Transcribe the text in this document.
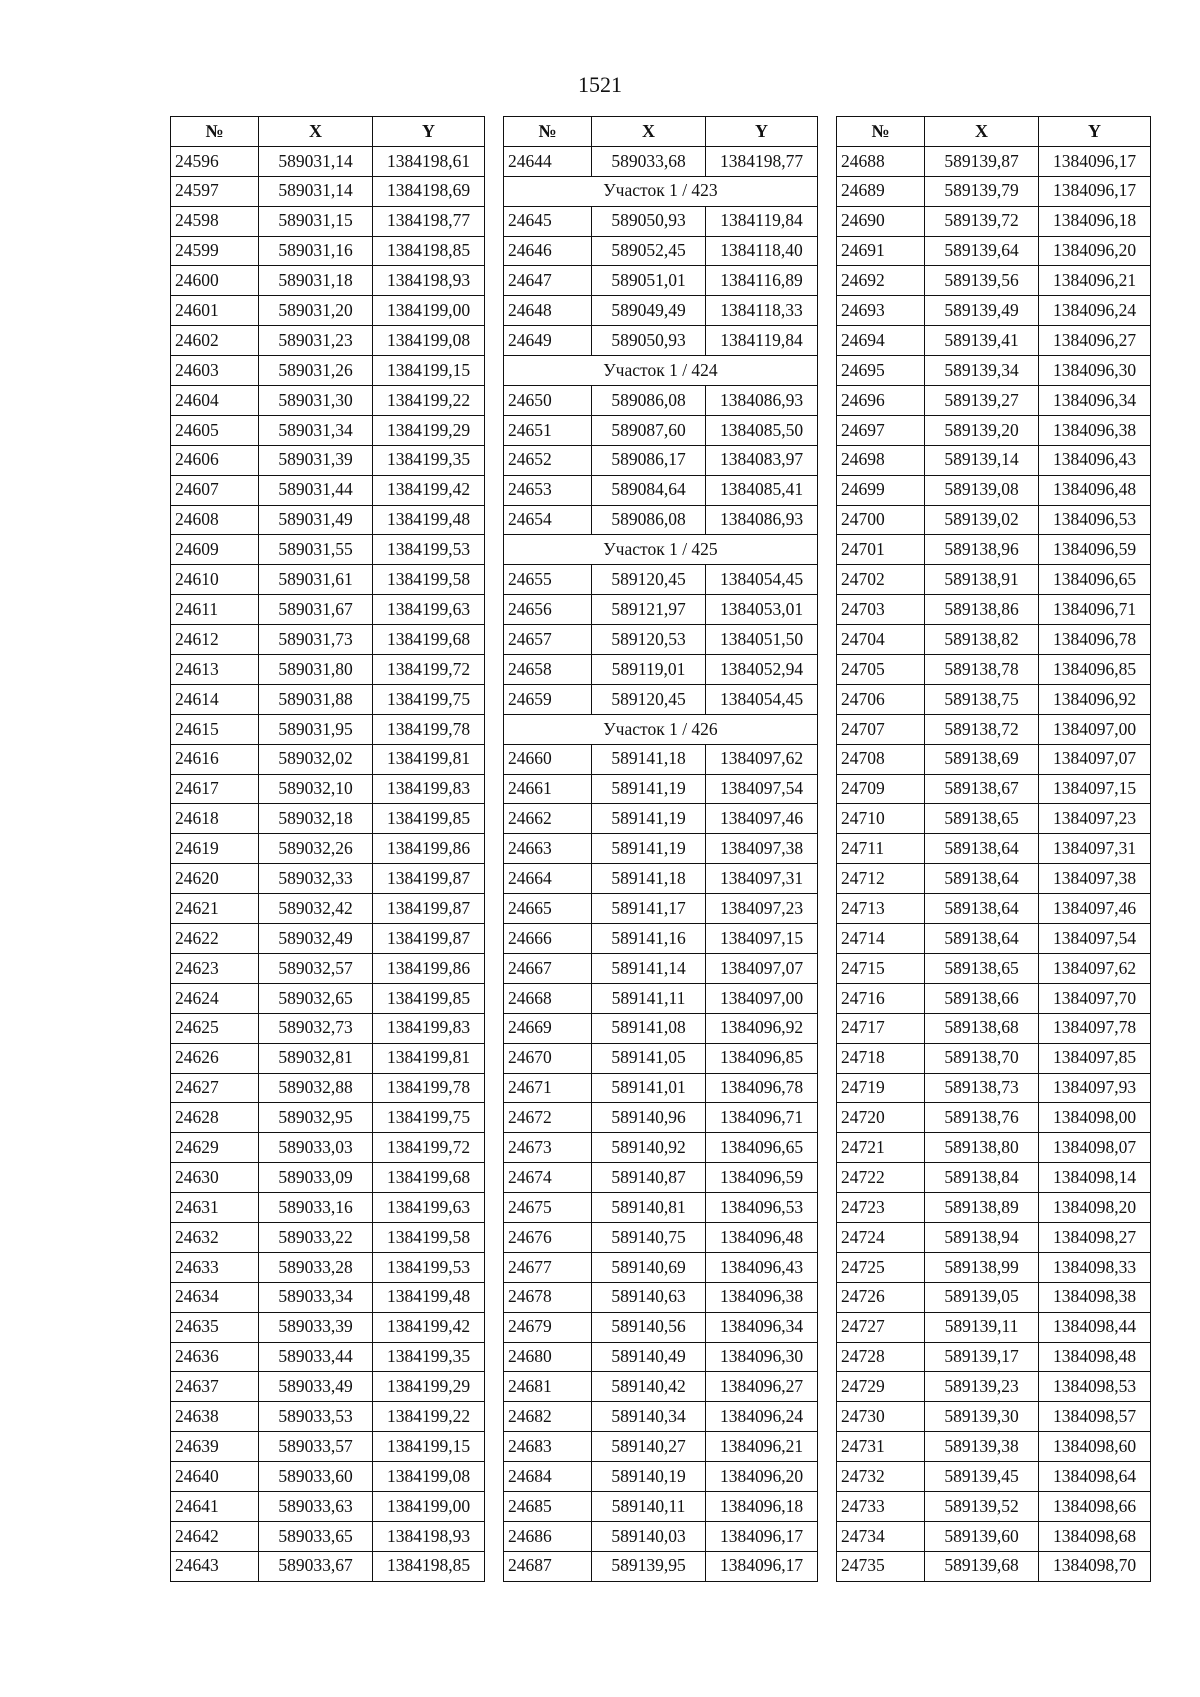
1521
№	X	Y
24596	589031,14	1384198,61
24597	589031,14	1384198,69
24598	589031,15	1384198,77
24599	589031,16	1384198,85
24600	589031,18	1384198,93
24601	589031,20	1384199,00
24602	589031,23	1384199,08
24603	589031,26	1384199,15
24604	589031,30	1384199,22
24605	589031,34	1384199,29
24606	589031,39	1384199,35
24607	589031,44	1384199,42
24608	589031,49	1384199,48
24609	589031,55	1384199,53
24610	589031,61	1384199,58
24611	589031,67	1384199,63
24612	589031,73	1384199,68
24613	589031,80	1384199,72
24614	589031,88	1384199,75
24615	589031,95	1384199,78
24616	589032,02	1384199,81
24617	589032,10	1384199,83
24618	589032,18	1384199,85
24619	589032,26	1384199,86
24620	589032,33	1384199,87
24621	589032,42	1384199,87
24622	589032,49	1384199,87
24623	589032,57	1384199,86
24624	589032,65	1384199,85
24625	589032,73	1384199,83
24626	589032,81	1384199,81
24627	589032,88	1384199,78
24628	589032,95	1384199,75
24629	589033,03	1384199,72
24630	589033,09	1384199,68
24631	589033,16	1384199,63
24632	589033,22	1384199,58
24633	589033,28	1384199,53
24634	589033,34	1384199,48
24635	589033,39	1384199,42
24636	589033,44	1384199,35
24637	589033,49	1384199,29
24638	589033,53	1384199,22
24639	589033,57	1384199,15
24640	589033,60	1384199,08
24641	589033,63	1384199,00
24642	589033,65	1384198,93
24643	589033,67	1384198,85
№	X	Y
24644	589033,68	1384198,77
Участок 1 / 423		
24645	589050,93	1384119,84
24646	589052,45	1384118,40
24647	589051,01	1384116,89
24648	589049,49	1384118,33
24649	589050,93	1384119,84
Участок 1 / 424		
24650	589086,08	1384086,93
24651	589087,60	1384085,50
24652	589086,17	1384083,97
24653	589084,64	1384085,41
24654	589086,08	1384086,93
Участок 1 / 425		
24655	589120,45	1384054,45
24656	589121,97	1384053,01
24657	589120,53	1384051,50
24658	589119,01	1384052,94
24659	589120,45	1384054,45
Участок 1 / 426		
24660	589141,18	1384097,62
24661	589141,19	1384097,54
24662	589141,19	1384097,46
24663	589141,19	1384097,38
24664	589141,18	1384097,31
24665	589141,17	1384097,23
24666	589141,16	1384097,15
24667	589141,14	1384097,07
24668	589141,11	1384097,00
24669	589141,08	1384096,92
24670	589141,05	1384096,85
24671	589141,01	1384096,78
24672	589140,96	1384096,71
24673	589140,92	1384096,65
24674	589140,87	1384096,59
24675	589140,81	1384096,53
24676	589140,75	1384096,48
24677	589140,69	1384096,43
24678	589140,63	1384096,38
24679	589140,56	1384096,34
24680	589140,49	1384096,30
24681	589140,42	1384096,27
24682	589140,34	1384096,24
24683	589140,27	1384096,21
24684	589140,19	1384096,20
24685	589140,11	1384096,18
24686	589140,03	1384096,17
24687	589139,95	1384096,17
№	X	Y
24688	589139,87	1384096,17
24689	589139,79	1384096,17
24690	589139,72	1384096,18
24691	589139,64	1384096,20
24692	589139,56	1384096,21
24693	589139,49	1384096,24
24694	589139,41	1384096,27
24695	589139,34	1384096,30
24696	589139,27	1384096,34
24697	589139,20	1384096,38
24698	589139,14	1384096,43
24699	589139,08	1384096,48
24700	589139,02	1384096,53
24701	589138,96	1384096,59
24702	589138,91	1384096,65
24703	589138,86	1384096,71
24704	589138,82	1384096,78
24705	589138,78	1384096,85
24706	589138,75	1384096,92
24707	589138,72	1384097,00
24708	589138,69	1384097,07
24709	589138,67	1384097,15
24710	589138,65	1384097,23
24711	589138,64	1384097,31
24712	589138,64	1384097,38
24713	589138,64	1384097,46
24714	589138,64	1384097,54
24715	589138,65	1384097,62
24716	589138,66	1384097,70
24717	589138,68	1384097,78
24718	589138,70	1384097,85
24719	589138,73	1384097,93
24720	589138,76	1384098,00
24721	589138,80	1384098,07
24722	589138,84	1384098,14
24723	589138,89	1384098,20
24724	589138,94	1384098,27
24725	589138,99	1384098,33
24726	589139,05	1384098,38
24727	589139,11	1384098,44
24728	589139,17	1384098,48
24729	589139,23	1384098,53
24730	589139,30	1384098,57
24731	589139,38	1384098,60
24732	589139,45	1384098,64
24733	589139,52	1384098,66
24734	589139,60	1384098,68
24735	589139,68	1384098,70
